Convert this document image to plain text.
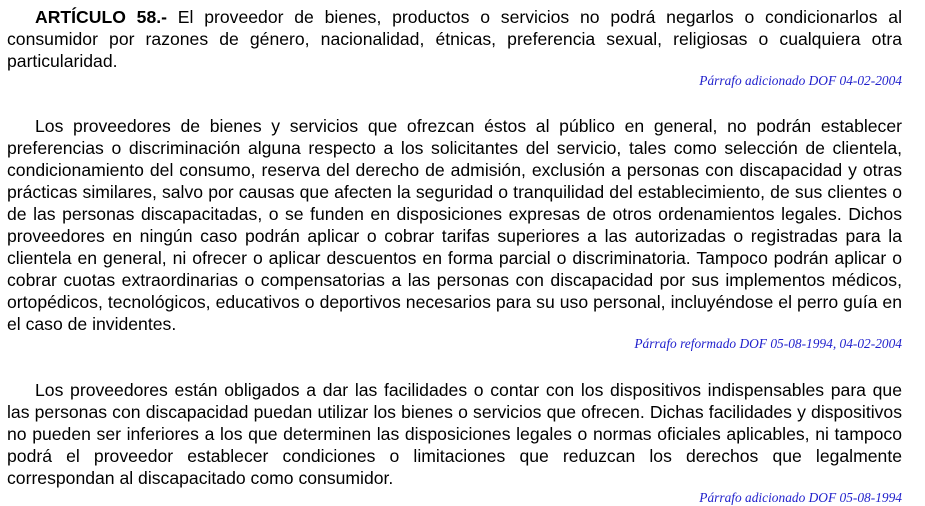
ARTÍCULO 58.- El proveedor de bienes, productos o servicios no podrá negarlos o condicionarlos al consumidor por razones de género, nacionalidad, étnicas, preferencia sexual, religiosas o cualquiera otra particularidad.

Párrafo adicionado DOF 04-02-2004

Los proveedores de bienes y servicios que ofrezcan éstos al público en general, no podrán establecer preferencias o discriminación alguna respecto a los solicitantes del servicio, tales como selección de clientela, condicionamiento del consumo, reserva del derecho de admisión, exclusión a personas con discapacidad y otras prácticas similares, salvo por causas que afecten la seguridad o tranquilidad del establecimiento, de sus clientes o de las personas discapacitadas, o se funden en disposiciones expresas de otros ordenamientos legales. Dichos proveedores en ningún caso podrán aplicar o cobrar tarifas superiores a las autorizadas o registradas para la clientela en general, ni ofrecer o aplicar descuentos en forma parcial o discriminatoria. Tampoco podrán aplicar o cobrar cuotas extraordinarias o compensatorias a las personas con discapacidad por sus implementos médicos, ortopédicos, tecnológicos, educativos o deportivos necesarios para su uso personal, incluyéndose el perro guía en el caso de invidentes.

Párrafo reformado DOF 05-08-1994, 04-02-2004

Los proveedores están obligados a dar las facilidades o contar con los dispositivos indispensables para que las personas con discapacidad puedan utilizar los bienes o servicios que ofrecen. Dichas facilidades y dispositivos no pueden ser inferiores a los que determinen las disposiciones legales o normas oficiales aplicables, ni tampoco podrá el proveedor establecer condiciones o limitaciones que reduzcan los derechos que legalmente correspondan al discapacitado como consumidor.

Párrafo adicionado DOF 05-08-1994
